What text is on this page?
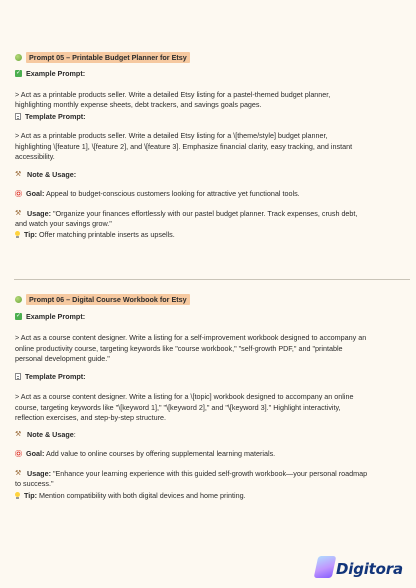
Prompt 05 – Printable Budget Planner for Etsy
✓ Example Prompt:
> Act as a printable products seller. Write a detailed Etsy listing for a pastel-themed budget planner,
highlighting monthly expense sheets, debt trackers, and savings goals pages.
Template Prompt:
> Act as a printable products seller. Write a detailed Etsy listing for a \[theme/style] budget planner,
highlighting \[feature 1], \[feature 2], and \[feature 3]. Emphasize financial clarity, easy tracking, and instant
accessibility.
⚒ Note & Usage:
Goal: Appeal to budget-conscious customers looking for attractive yet functional tools.
⚒ Usage: "Organize your finances effortlessly with our pastel budget planner. Track expenses, crush debt,
and watch your savings grow."
Tip: Offer matching printable inserts as upsells.
Prompt 06 – Digital Course Workbook for Etsy
✓ Example Prompt:
> Act as a course content designer. Write a listing for a self-improvement workbook designed to accompany an
online productivity course, targeting keywords like "course workbook," "self-growth PDF," and "printable
personal development guide."
Template Prompt:
> Act as a course content designer. Write a listing for a \[topic] workbook designed to accompany an online
course, targeting keywords like "\[keyword 1]," "\[keyword 2]," and "\[keyword 3]." Highlight interactivity,
reflection exercises, and step-by-step structure.
⚒ Note & Usage:
Goal: Add value to online courses by offering supplemental learning materials.
⚒ Usage: "Enhance your learning experience with this guided self-growth workbook—your personal roadmap
to success."
Tip: Mention compatibility with both digital devices and home printing.
Digitora
